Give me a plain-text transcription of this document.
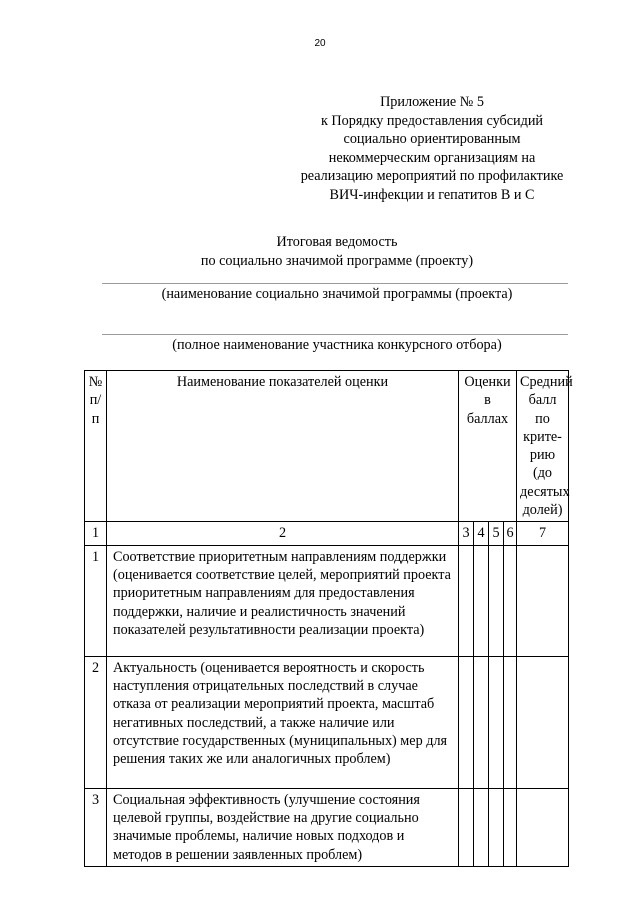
20
Приложение № 5
к Порядку предоставления субсидий
социально ориентированным
некоммерческим организациям на
реализацию мероприятий по профилактике
ВИЧ-инфекции и гепатитов В и С
Итоговая ведомость
по социально значимой программе (проекту)
(наименование социально значимой программы (проекта)
(полное наименование участника конкурсного отбора)
№ п/п	Наименование показателей оценки	Оценки в баллах				Средний балл по крите-рию (до десятых долей)
1	2	3	4	5	6	7
1	Соответствие приоритетным направлениям поддержки (оценивается соответствие целей, мероприятий проекта приоритетным направлениям для предоставления поддержки, наличие и реалистичность значений показателей результативности реализации проекта)					
2	Актуальность (оценивается вероятность и скорость наступления отрицательных последствий в случае отказа от реализации мероприятий проекта, масштаб негативных последствий, а также наличие или отсутствие государственных (муниципальных) мер для решения таких же или аналогичных проблем)					
3	Социальная эффективность (улучшение состояния целевой группы, воздействие на другие социально значимые проблемы, наличие новых подходов и методов в решении заявленных проблем)					
